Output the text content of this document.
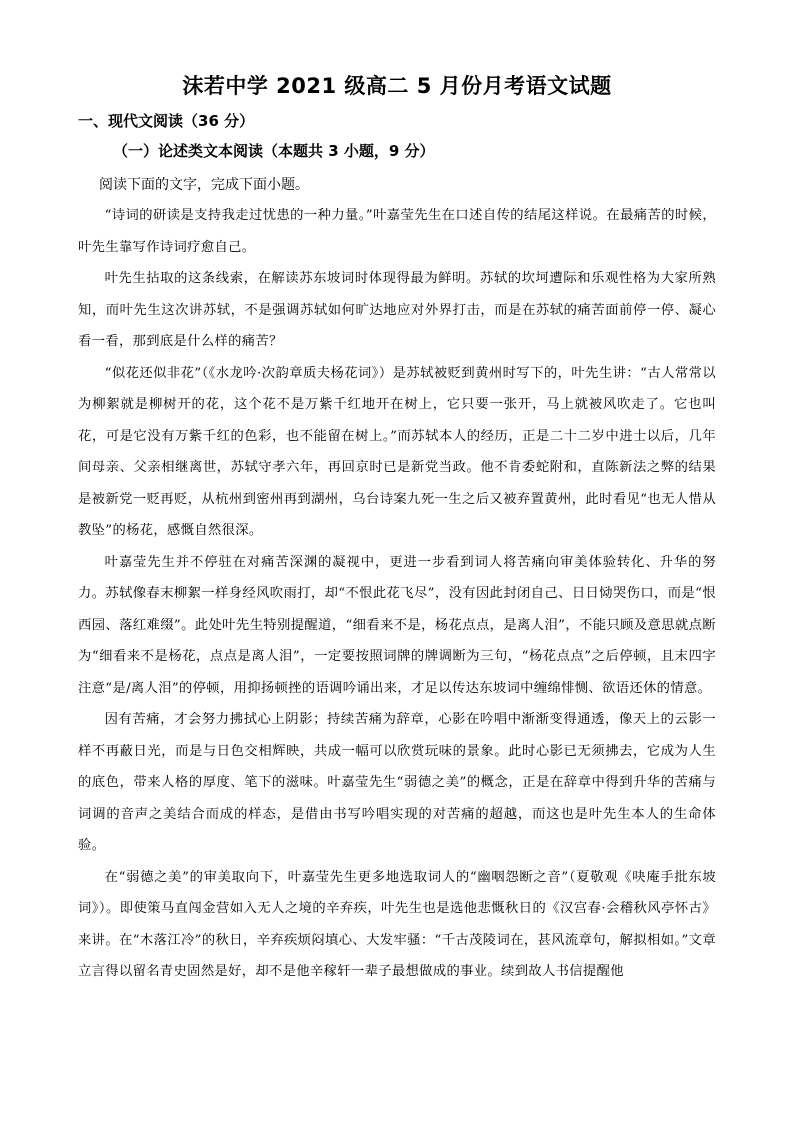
沫若中学 2021 级高二 5 月份月考语文试题
一、现代文阅读（36 分）
（一）论述类文本阅读（本题共 3 小题，9 分）
阅读下面的文字，完成下面小题。

“诗词的研读是支持我走过忧患的一种力量。”叶嘉莹先生在口述自传的结尾这样说。在最痛苦的时候，叶先生靠写作诗词疗愈自己。

叶先生拈取的这条线索，在解读苏东坡词时体现得最为鲜明。苏轼的坎坷遭际和乐观性格为大家所熟知，而叶先生这次讲苏轼，不是强调苏轼如何旷达地应对外界打击，而是在苏轼的痛苦面前停一停、凝心看一看，那到底是什么样的痛苦？

“似花还似非花”（《水龙吟·次韵章质夫杨花词》）是苏轼被贬到黄州时写下的，叶先生讲：“古人常常以为柳絮就是柳树开的花，这个花不是万紫千红地开在树上，它只要一张开，马上就被风吹走了。它也叫花，可是它没有万紫千红的色彩，也不能留在树上。”而苏轼本人的经历，正是二十二岁中进士以后，几年间母亲、父亲相继离世，苏轼守孝六年，再回京时已是新党当政。他不肯委蛇附和，直陈新法之弊的结果是被新党一贬再贬，从杭州到密州再到湖州，乌台诗案九死一生之后又被弃置黄州，此时看见“也无人惜从教坠”的杨花，感慨自然很深。

叶嘉莹先生并不停驻在对痛苦深渊的凝视中，更进一步看到词人将苦痛向审美体验转化、升华的努力。苏轼像春末柳絮一样身经风吹雨打，却“不恨此花飞尽”，没有因此封闭自己、日日恸哭伤口，而是“恨西园、落红难缀”。此处叶先生特别提醒道，“细看来不是，杨花点点，是离人泪”，不能只顾及意思就点断为“细看来不是杨花，点点是离人泪”，一定要按照词牌的牌调断为三句，“杨花点点”之后停顿，且末四字注意“是/离人泪”的停顿，用抑扬顿挫的语调吟诵出来，才足以传达东坡词中缠绵悱恻、欲语还休的情意。

因有苦痛，才会努力拂拭心上阴影；持续苦痛为辞章，心影在吟唱中渐渐变得通透，像天上的云影一样不再蔽日光，而是与日色交相辉映，共成一幅可以欣赏玩味的景象。此时心影已无须拂去，它成为人生的底色，带来人格的厚度、笔下的滋味。叶嘉莹先生“弱德之美”的概念，正是在辞章中得到升华的苦痛与词调的音声之美结合而成的样态，是借由书写吟唱实现的对苦痛的超越，而这也是叶先生本人的生命体验。

在“弱德之美”的审美取向下，叶嘉莹先生更多地选取词人的“幽咽怨断之音”（夏敬观《吷庵手批东坡词》）。即使策马直闯金营如入无人之境的辛弃疾，叶先生也是选他悲慨秋日的《汉宫春·会稽秋风亭怀古》来讲。在“木落江冷”的秋日，辛弃疾烦闷填心、大发牢骚：“千古茂陵词在，甚风流章句，解拟相如。”文章立言得以留名青史固然是好，却不是他辛稼轩一辈子最想做成的事业。续到故人书信提醒他
